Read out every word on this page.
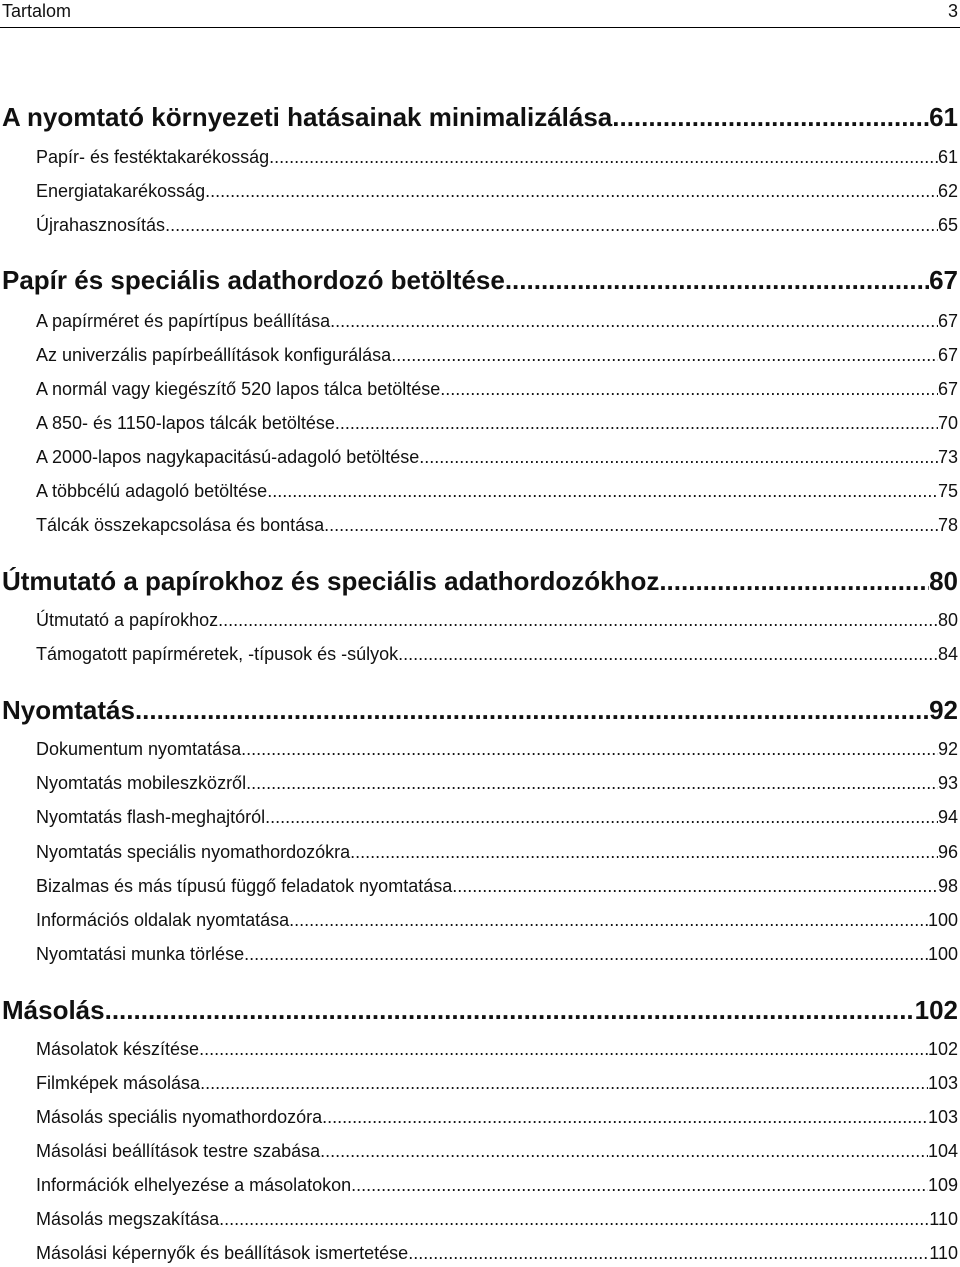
Tartalom	3
A nyomtató környezeti hatásainak minimalizálása .....	61
Papír- és festéktakarékosság .....	61
Energiatakarékosság .....	62
Újrahasznosítás .....	65
Papír és speciális adathordozó betöltése .....	67
A papírméret és papírtípus beállítása .....	67
Az univerzális papírbeállítások konfigurálása .....	67
A normál vagy kiegészítő 520 lapos tálca betöltése .....	67
A 850- és 1150-lapos tálcák betöltése .....	70
A 2000-lapos nagykapacitású-adagoló betöltése .....	73
A többcélú adagoló betöltése .....	75
Tálcák összekapcsolása és bontása .....	78
Útmutató a papírokhoz és speciális adathordozókhoz .....	80
Útmutató a papírokhoz .....	80
Támogatott papírméretek, -típusok és -súlyok .....	84
Nyomtatás .....	92
Dokumentum nyomtatása .....	92
Nyomtatás mobileszközről .....	93
Nyomtatás flash-meghajtóról .....	94
Nyomtatás speciális nyomathordozókra .....	96
Bizalmas és más típusú függő feladatok nyomtatása .....	98
Információs oldalak nyomtatása .....	100
Nyomtatási munka törlése .....	100
Másolás .....	102
Másolatok készítése .....	102
Filmképek másolása .....	103
Másolás speciális nyomathordozóra .....	103
Másolási beállítások testre szabása .....	104
Információk elhelyezése a másolatokon .....	109
Másolás megszakítása .....	110
Másolási képernyők és beállítások ismertetése .....	110
